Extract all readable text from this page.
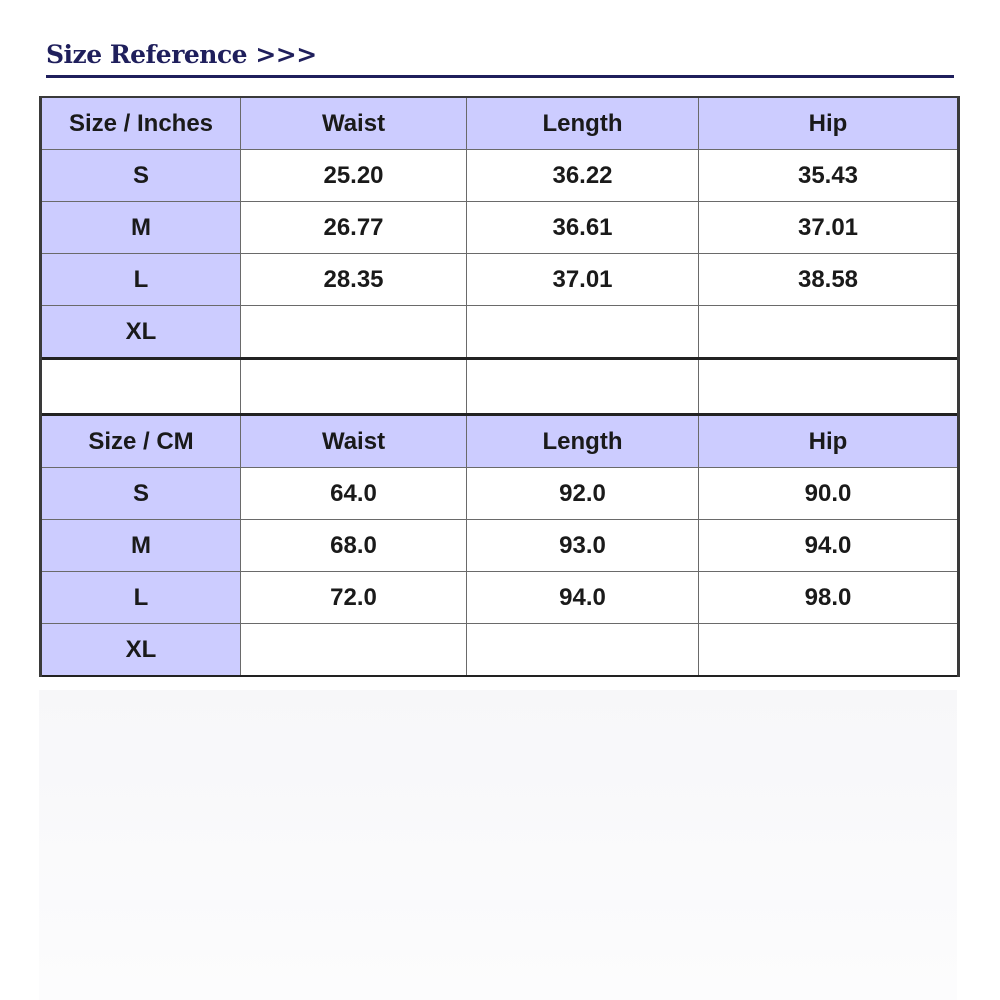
Size Reference >>>
Size / Inches	Waist	Length	Hip
S	25.20	36.22	35.43
M	26.77	36.61	37.01
L	28.35	37.01	38.58
XL			

Size / CM	Waist	Length	Hip
S	64.0	92.0	90.0
M	68.0	93.0	94.0
L	72.0	94.0	98.0
XL			
